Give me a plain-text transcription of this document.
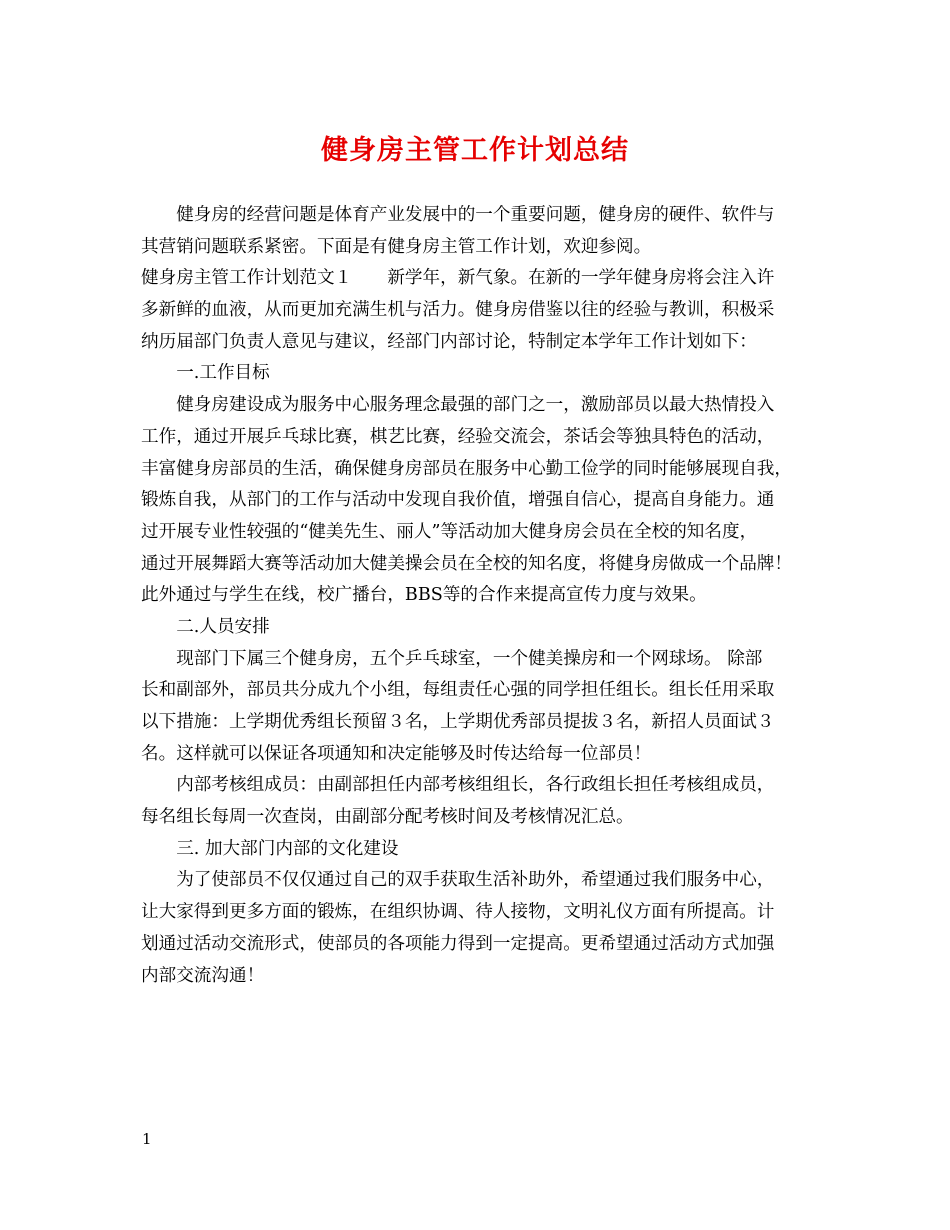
健身房主管工作计划总结
　　健身房的经营问题是体育产业发展中的一个重要问题，健身房的硬件、软件与
其营销问题联系紧密。下面是有健身房主管工作计划，欢迎参阅。
健身房主管工作计划范文１　　新学年，新气象。在新的一学年健身房将会注入许
多新鲜的血液，从而更加充满生机与活力。健身房借鉴以往的经验与教训，积极采
纳历届部门负责人意见与建议，经部门内部讨论，特制定本学年工作计划如下：
　　一.工作目标
　　健身房建设成为服务中心服务理念最强的部门之一，激励部员以最大热情投入
工作，通过开展乒乓球比赛，棋艺比赛，经验交流会，茶话会等独具特色的活动，
丰富健身房部员的生活，确保健身房部员在服务中心勤工俭学的同时能够展现自我，
锻炼自我，从部门的工作与活动中发现自我价值，增强自信心，提高自身能力。通
过开展专业性较强的“健美先生、丽人”等活动加大健身房会员在全校的知名度，
通过开展舞蹈大赛等活动加大健美操会员在全校的知名度，将健身房做成一个品牌！
此外通过与学生在线，校广播台，BBS等的合作来提高宣传力度与效果。
　　二.人员安排
　　现部门下属三个健身房，五个乒乓球室，一个健美操房和一个网球场。 除部
长和副部外，部员共分成九个小组，每组责任心强的同学担任组长。组长任用采取
以下措施：上学期优秀组长预留３名，上学期优秀部员提拔３名，新招人员面试３
名。这样就可以保证各项通知和决定能够及时传达给每一位部员！
　　内部考核组成员：由副部担任内部考核组组长，各行政组长担任考核组成员，
每名组长每周一次查岗，由副部分配考核时间及考核情况汇总。
　　三. 加大部门内部的文化建设
　　为了使部员不仅仅通过自己的双手获取生活补助外，希望通过我们服务中心，
让大家得到更多方面的锻炼，在组织协调、待人接物，文明礼仪方面有所提高。计
划通过活动交流形式，使部员的各项能力得到一定提高。更希望通过活动方式加强
内部交流沟通！
1
